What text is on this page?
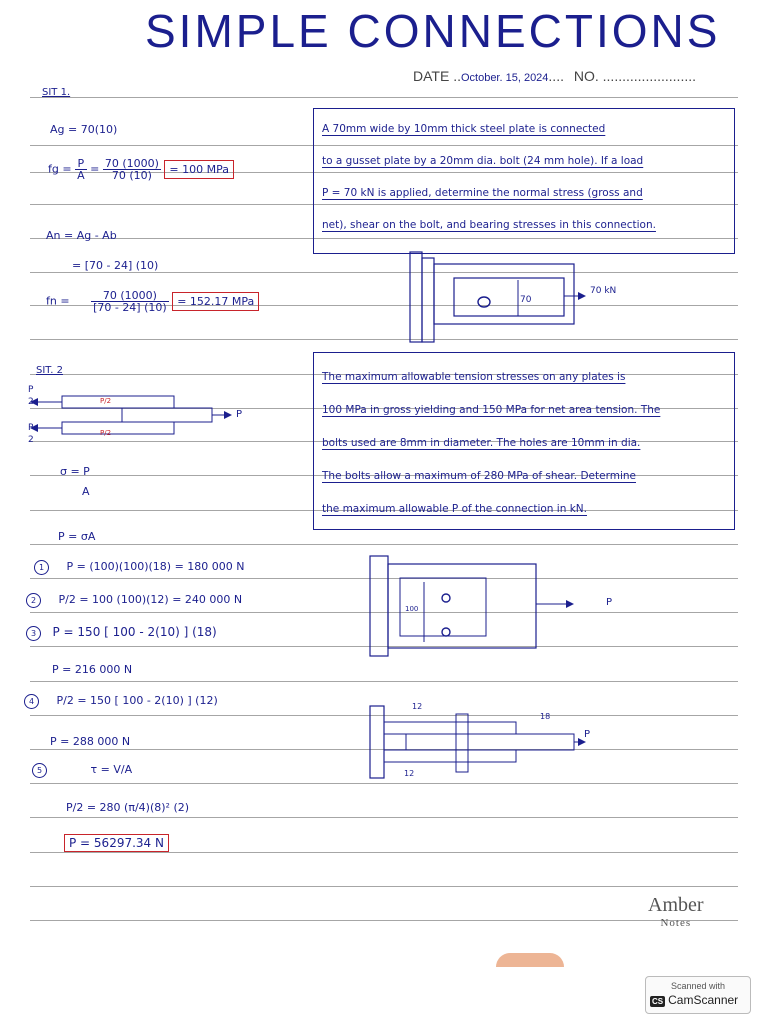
SIMPLE CONNECTIONS
DATE ..October. 15, 2024.... NO. ........................
SIT 1.
Ag = 70(10)
fg = $\frac{P}{A} = \frac{70 (1000)}{70 (10)} = 100$ MPa
An = Ag - Ab
= [70 - 24] (10)
fn = $\frac{70 (1000)}{[70 - 24] (10)} = 152.17$ MPa

A 70mm wide by 10mm thick steel plate is connected

to a gusset plate by a 20mm dia. bolt (24 mm hole). If a load

P = 70 kN is applied, determine the normal stress (gross and

net), shear on the bolt, and bearing stresses in this connection.

70
70 kN
SIT. 2
P
2
P
2
P/2
P/2
P
σ = P
A

The maximum allowable tension stresses on any plates is

100 MPa in gross yielding and 150 MPa for net area tension. The

bolts used are 8mm in diameter. The holes are 10mm in dia.

The bolts allow a maximum of 280 MPa of shear. Determine

the maximum allowable P of the connection in kN.

P = σA
1 P = (100)(100)(18) = 180 000 N
2 P/2 = 100 (100)(12) = 240 000 N
3 P = 150 [ 100 - 2(10) ] (18)
P = 216 000 N
4 P/2 = 150 [ 100 - 2(10) ] (12)
P = 288 000 N
5	τ = V/A
P/2 = 280 (π/4)(8)² (2)
P = 56297.34 N
100
P
12
18
12
P
Amber
Notes
Scanned with
CS CamScanner
